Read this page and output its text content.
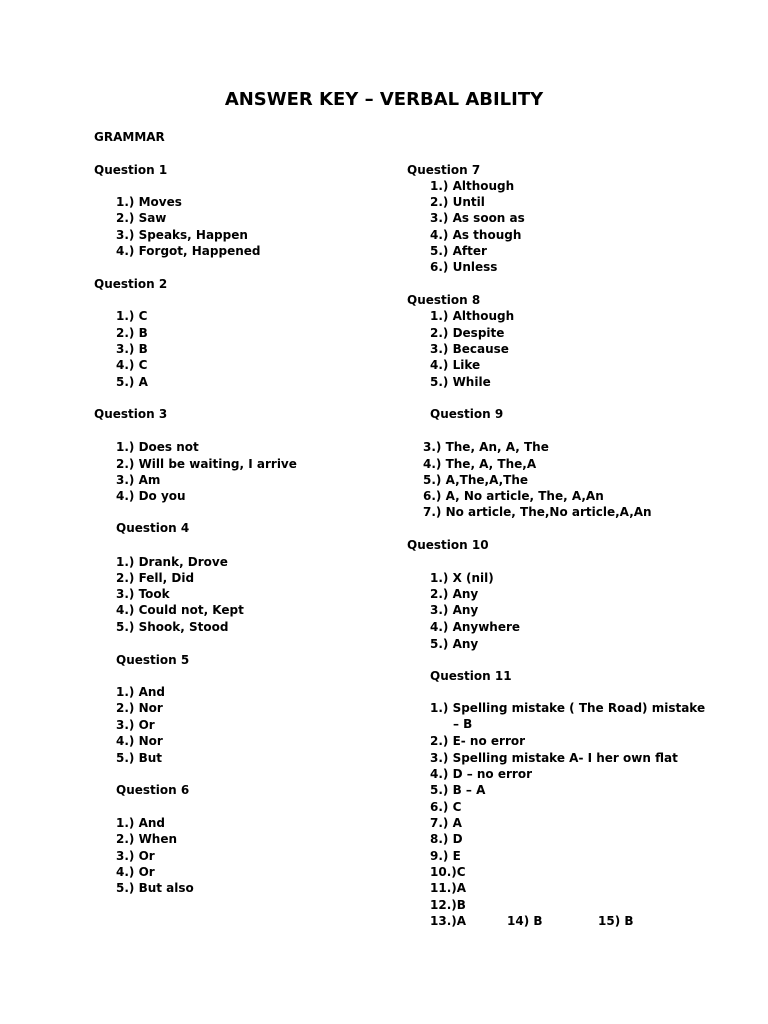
ANSWER KEY – VERBAL ABILITY
GRAMMAR
Question 1
1.) Moves
2.) Saw
3.) Speaks, Happen
4.) Forgot, Happened
Question 2
1.) C
2.) B
3.) B
4.) C
5.) A
Question 3
1.) Does not
2.) Will be waiting, I arrive
3.) Am
4.) Do you
Question 4
1.) Drank, Drove
2.) Fell, Did
3.) Took
4.) Could not, Kept
5.) Shook, Stood
Question 5
1.) And
2.) Nor
3.) Or
4.) Nor
5.) But
Question 6
1.) And
2.) When
3.) Or
4.) Or
5.) But also
Question 7
1.) Although
2.) Until
3.) As soon as
4.) As though
5.) After
6.) Unless
Question 8
1.) Although
2.) Despite
3.) Because
4.) Like
5.) While
Question 9
3.) The, An, A, The
4.) The, A, The,A
5.) A,The,A,The
6.) A, No article, The, A,An
7.) No article, The,No article,A,An
Question 10
1.) X (nil)
2.) Any
3.) Any
4.) Anywhere
5.) Any
Question 11
1.) Spelling mistake ( The Road) mistake
– B
2.) E- no error
3.) Spelling mistake A- I her own flat
4.) D – no error
5.) B – A
6.) C
7.) A
8.) D
9.) E
10.)C
11.)A
12.)B
13.)A	14) B	15) B
